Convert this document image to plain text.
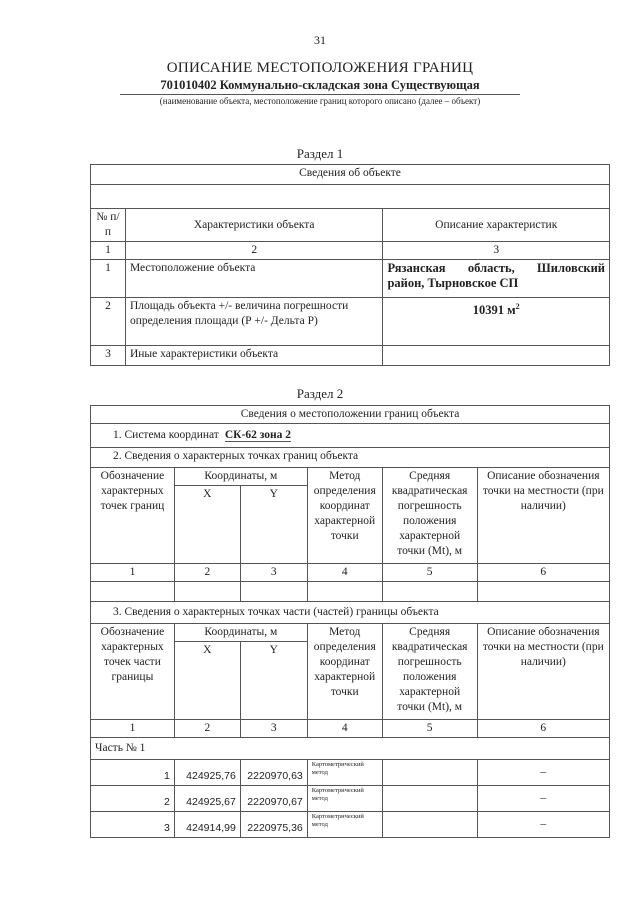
31
ОПИСАНИЕ МЕСТОПОЛОЖЕНИЯ ГРАНИЦ
701010402 Коммунально-складская зона Существующая
(наименование объекта, местоположение границ которого описано (далее – объект)
Раздел 1
Сведения об объекте		

№ п/п	Характеристики объекта	Описание характеристик
1	2	3
1	Местоположение объекта	Рязанская область, Шиловский район, Тырновское СП
2	Площадь объекта +/- величина погрешности определения площади (Р +/- Дельта Р)	10391 $м^2$
3	Иные характеристики объекта	
Раздел 2
Сведения о местоположении границ объекта					
1. Система координат СК-62 зона 2					
2. Сведения о характерных точках границ объекта					
Обозначение характерных точек границ	Координаты, м		Метод определения координат характерной точки	Средняя квадратическая погрешность положения характерной точки (Mt), м	Описание обозначения точки на местности (при наличии)
	X	Y			
1	2	3	4	5	6

3. Сведения о характерных точках части (частей) границы объекта					
Обозначение характерных точек части границы	Координаты, м		Метод определения координат характерной точки	Средняя квадратическая погрешность положения характерной точки (Mt), м	Описание обозначения точки на местности (при наличии)
	X	Y			
1	2	3	4	5	6
Часть № 1					
1	424925,76	2220970,63	Картометрический метод		–
2	424925,67	2220970,67	Картометрический метод		–
3	424914,99	2220975,36	Картометрический метод		–
